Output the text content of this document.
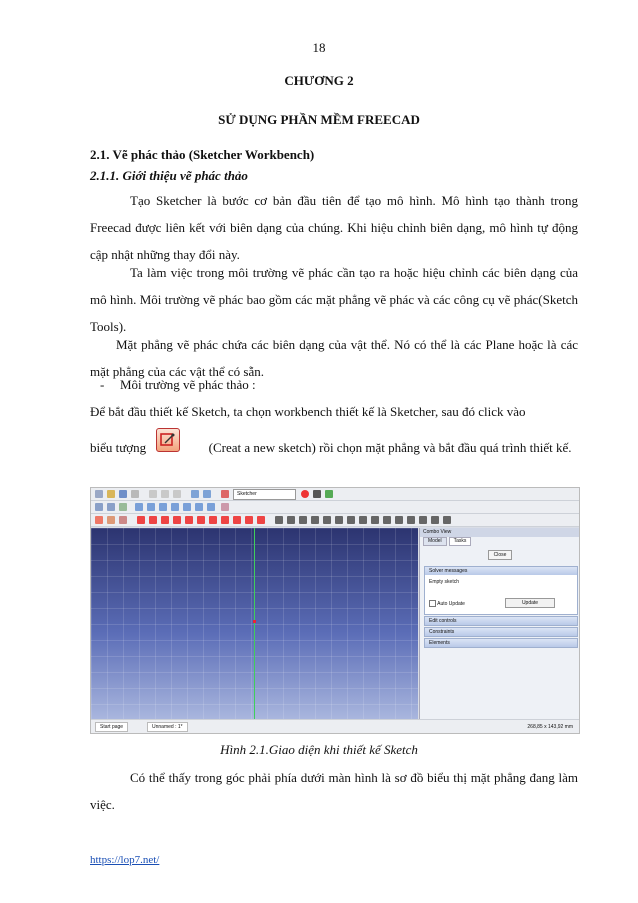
18
CHƯƠNG 2
SỬ DỤNG PHẦN MỀM FREECAD
2.1. Vẽ phác thảo (Sketcher Workbench)
2.1.1. Giới thiệu vẽ phác thảo
Tạo Sketcher là bước cơ bản đầu tiên để tạo mô hình. Mô hình tạo thành trong Freecad được liên kết với biên dạng của chúng. Khi hiệu chỉnh biên dạng, mô hình tự động cập nhật những thay đổi này.
Ta làm việc trong môi trường vẽ phác cần tạo ra hoặc hiệu chỉnh các biên dạng của mô hình. Môi trường vẽ phác bao gồm các mặt phẳng vẽ phác và các công cụ vẽ phác(Sketch Tools).
Mặt phẳng vẽ phác chứa các biên dạng của vật thể. Nó có thể là các Plane hoặc là các mặt phẳng của các vật thể có sẵn.
- Môi trường vẽ phác thảo :
Để bắt đầu thiết kế Sketch, ta chọn workbench thiết kế là Sketcher, sau đó click vào
biểu tượng	(Creat a new sketch) rồi chọn mặt phẳng và bắt đầu quá trình thiết kế.
Sketcher
Combo View
Model	Tasks
Close
Solver messages
Empty sketch
Auto Update	Update
Edit controls
Constraints
Elements
Start page	Unnamed : 1*	268,85 x 143,92 mm
Hình 2.1.Giao diện khi thiết kế Sketch
Có thể thấy trong góc phải phía dưới màn hình là sơ đồ biểu thị mặt phẳng đang làm việc.
https://lop7.net/
